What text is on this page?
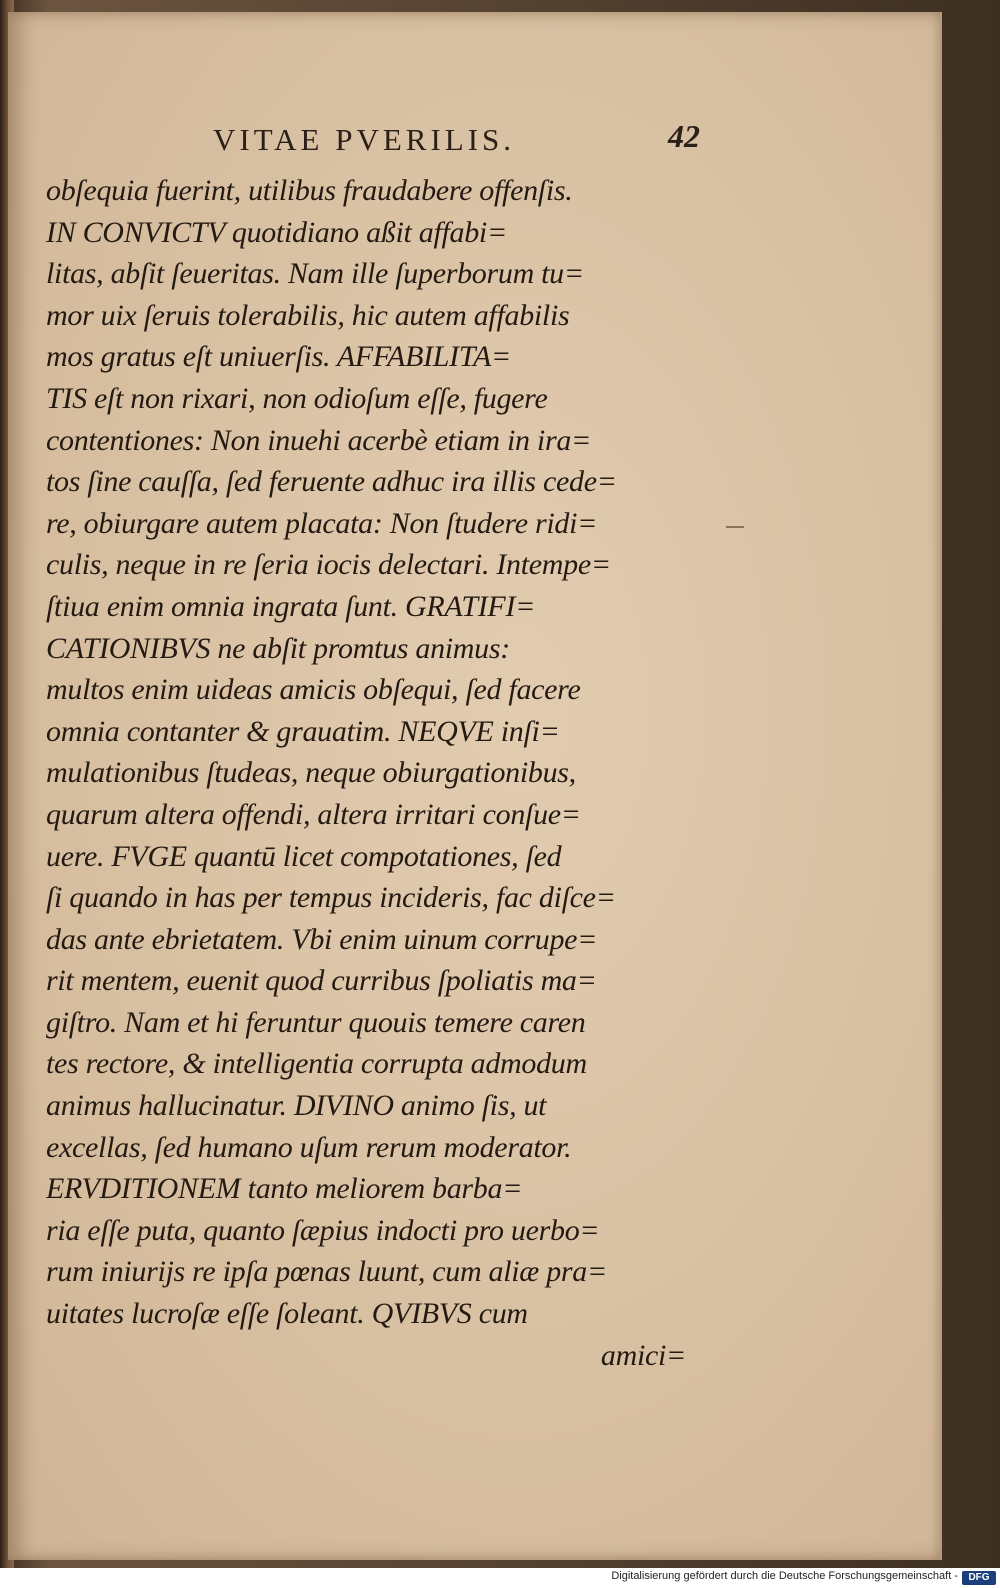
VITAE PVERILIS.	42
obſequia fuerint, utilibus fraudabere offenſis.
IN CONVICTV quotidiano aßit affabi=
litas, abſit ſeueritas. Nam ille ſuperborum tu=
mor uix ſeruis tolerabilis, hic autem affabilis
mos gratus eſt uniuerſis. AFFABILITA=
TIS eſt non rixari, non odioſum eſſe, fugere
contentiones: Non inuehi acerbè etiam in ira=
tos ſine cauſſa, ſed feruente adhuc ira illis cede=
re, obiurgare autem placata: Non ſtudere ridi=
culis, neque in re ſeria iocis delectari. Intempe=
ſtiua enim omnia ingrata ſunt. GRATIFI=
CATIONIBVS ne abſit promtus animus:
multos enim uideas amicis obſequi, ſed facere
omnia contanter & grauatim. NEQVE inſi=
mulationibus ſtudeas, neque obiurgationibus,
quarum altera offendi, altera irritari conſue=
uere. FVGE quantū licet compotationes, ſed
ſi quando in has per tempus incideris, fac diſce=
das ante ebrietatem. Vbi enim uinum corrupe=
rit mentem, euenit quod curribus ſpoliatis ma=
giſtro. Nam et hi feruntur quouis temere caren
tes rectore, & intelligentia corrupta admodum
animus hallucinatur. DIVINO animo ſis, ut
excellas, ſed humano uſum rerum moderator.
ERVDITIONEM tanto meliorem barba=
ria eſſe puta, quanto ſæpius indocti pro uerbo=
rum iniurijs re ipſa pœnas luunt, cum aliæ pra=
uitates lucroſæ eſſe ſoleant. QVIBVS cum
amici=
Digitalisierung gefördert durch die Deutsche Forschungsgemeinschaft -	DFG
